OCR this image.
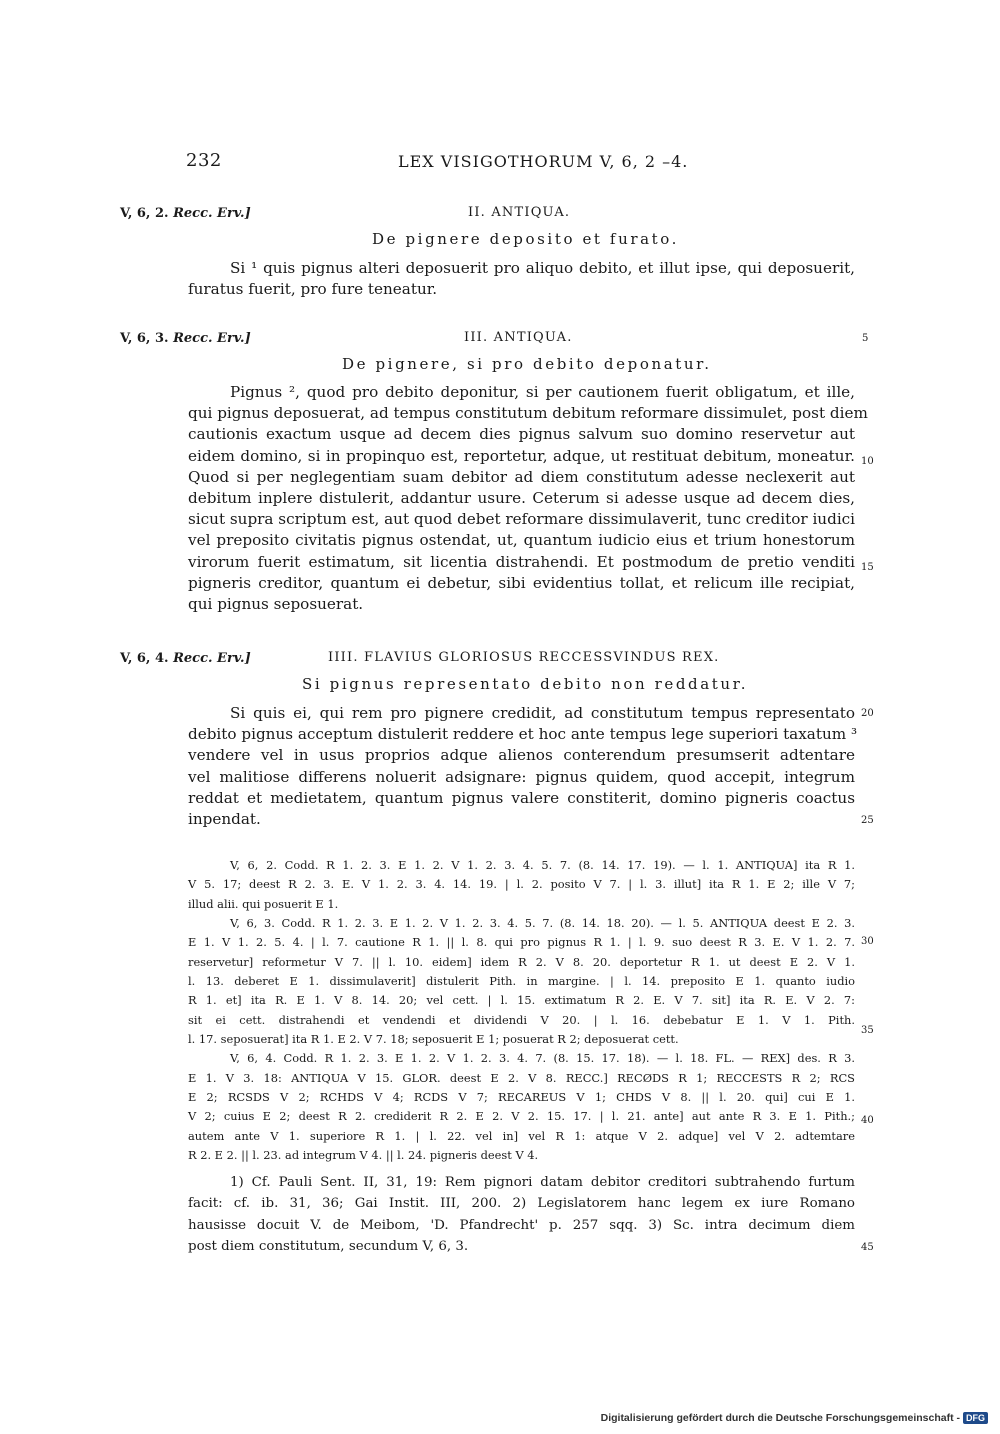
232	LEX VISIGOTHORUM V, 6, 2 –4.
V, 6, 2. Recc. Erv.]	II. ANTIQUA.
De pignere deposito et furato.
Si ¹ quis pignus alteri deposuerit pro aliquo debito, et illut ipse, qui deposuerit,
furatus fuerit, pro fure teneatur.
V, 6, 3. Recc. Erv.]	III. ANTIQUA.	5
De pignere, si pro debito deponatur.
Pignus ², quod pro debito deponitur, si per cautionem fuerit obligatum, et ille,
qui pignus deposuerat, ad tempus constitutum debitum reformare dissimulet, post diem
cautionis exactum usque ad decem dies pignus salvum suo domino reservetur aut
eidem domino, si in propinquo est, reportetur, adque, ut restituat debitum, moneatur.
Quod si per neglegentiam suam debitor ad diem constitutum adesse neclexerit aut
debitum inplere distulerit, addantur usure. Ceterum si adesse usque ad decem dies,
sicut supra scriptum est, aut quod debet reformare dissimulaverit, tunc creditor iudici
vel preposito civitatis pignus ostendat, ut, quantum iudicio eius et trium honestorum
virorum fuerit estimatum, sit licentia distrahendi. Et postmodum de pretio venditi
pigneris creditor, quantum ei debetur, sibi evidentius tollat, et relicum ille recipiat,
qui pignus seposuerat.
10
15
V, 6, 4. Recc. Erv.]	IIII. FLAVIUS GLORIOSUS RECCESSVINDUS REX.
Si pignus representato debito non reddatur.
Si quis ei, qui rem pro pignere credidit, ad constitutum tempus representato
debito pignus acceptum distulerit reddere et hoc ante tempus lege superiori taxatum ³
vendere vel in usus proprios adque alienos conterendum presumserit adtentare
vel malitiose differens noluerit adsignare: pignus quidem, quod accepit, integrum
reddat et medietatem, quantum pignus valere constiterit, domino pigneris coactus
inpendat.
20
25
V, 6, 2. Codd. R 1. 2. 3. E 1. 2. V 1. 2. 3. 4. 5. 7. (8. 14. 17. 19). — l. 1. ANTIQUA] ita R 1.
V 5. 17; deest R 2. 3. E. V 1. 2. 3. 4. 14. 19. | l. 2. posito V 7. | l. 3. illut] ita R 1. E 2; ille V 7;
illud alii. qui posuerit E 1.
V, 6, 3. Codd. R 1. 2. 3. E 1. 2. V 1. 2. 3. 4. 5. 7. (8. 14. 18. 20). — l. 5. ANTIQUA deest E 2. 3.
E 1. V 1. 2. 5. 4. | l. 7. cautione R 1. || l. 8. qui pro pignus R 1. | l. 9. suo deest R 3. E. V 1. 2. 7.
reservetur] reformetur V 7. || l. 10. eidem] idem R 2. V 8. 20. deportetur R 1. ut deest E 2. V 1.
l. 13. deberet E 1. dissimulaverit] distulerit Pith. in margine. | l. 14. preposito E 1. quanto iudio
R 1. et] ita R. E 1. V 8. 14. 20; vel cett. | l. 15. extimatum R 2. E. V 7. sit] ita R. E. V 2. 7:
sit ei cett. distrahendi et vendendi et dividendi V 20. | l. 16. debebatur E 1. V 1. Pith.
l. 17. seposuerat] ita R 1. E 2. V 7. 18; seposuerit E 1; posuerat R 2; deposuerat cett.
V, 6, 4. Codd. R 1. 2. 3. E 1. 2. V 1. 2. 3. 4. 7. (8. 15. 17. 18). — l. 18. FL. — REX] des. R 3.
E 1. V 3. 18: ANTIQUA V 15. GLOR. deest E 2. V 8. RECC.] RECØDS R 1; RECCESTS R 2; RCS
E 2; RCSDS V 2; RCHDS V 4; RCDS V 7; RECAREUS V 1; CHDS V 8. || l. 20. qui] cui E 1.
V 2; cuius E 2; deest R 2. crediderit R 2. E 2. V 2. 15. 17. | l. 21. ante] aut ante R 3. E 1. Pith.;
autem ante V 1. superiore R 1. | l. 22. vel in] vel R 1: atque V 2. adque] vel V 2. adtemtare
R 2. E 2. || l. 23. ad integrum V 4. || l. 24. pigneris deest V 4.
30
35
40
1) Cf. Pauli Sent. II, 31, 19: Rem pignori datam debitor creditori subtrahendo furtum
facit: cf. ib. 31, 36; Gai Instit. III, 200. 2) Legislatorem hanc legem ex iure Romano
hausisse docuit V. de Meibom, 'D. Pfandrecht' p. 257 sqq. 3) Sc. intra decimum diem
post diem constitutum, secundum V, 6, 3.	45
Digitalisierung gefördert durch die Deutsche Forschungsgemeinschaft - DFG
